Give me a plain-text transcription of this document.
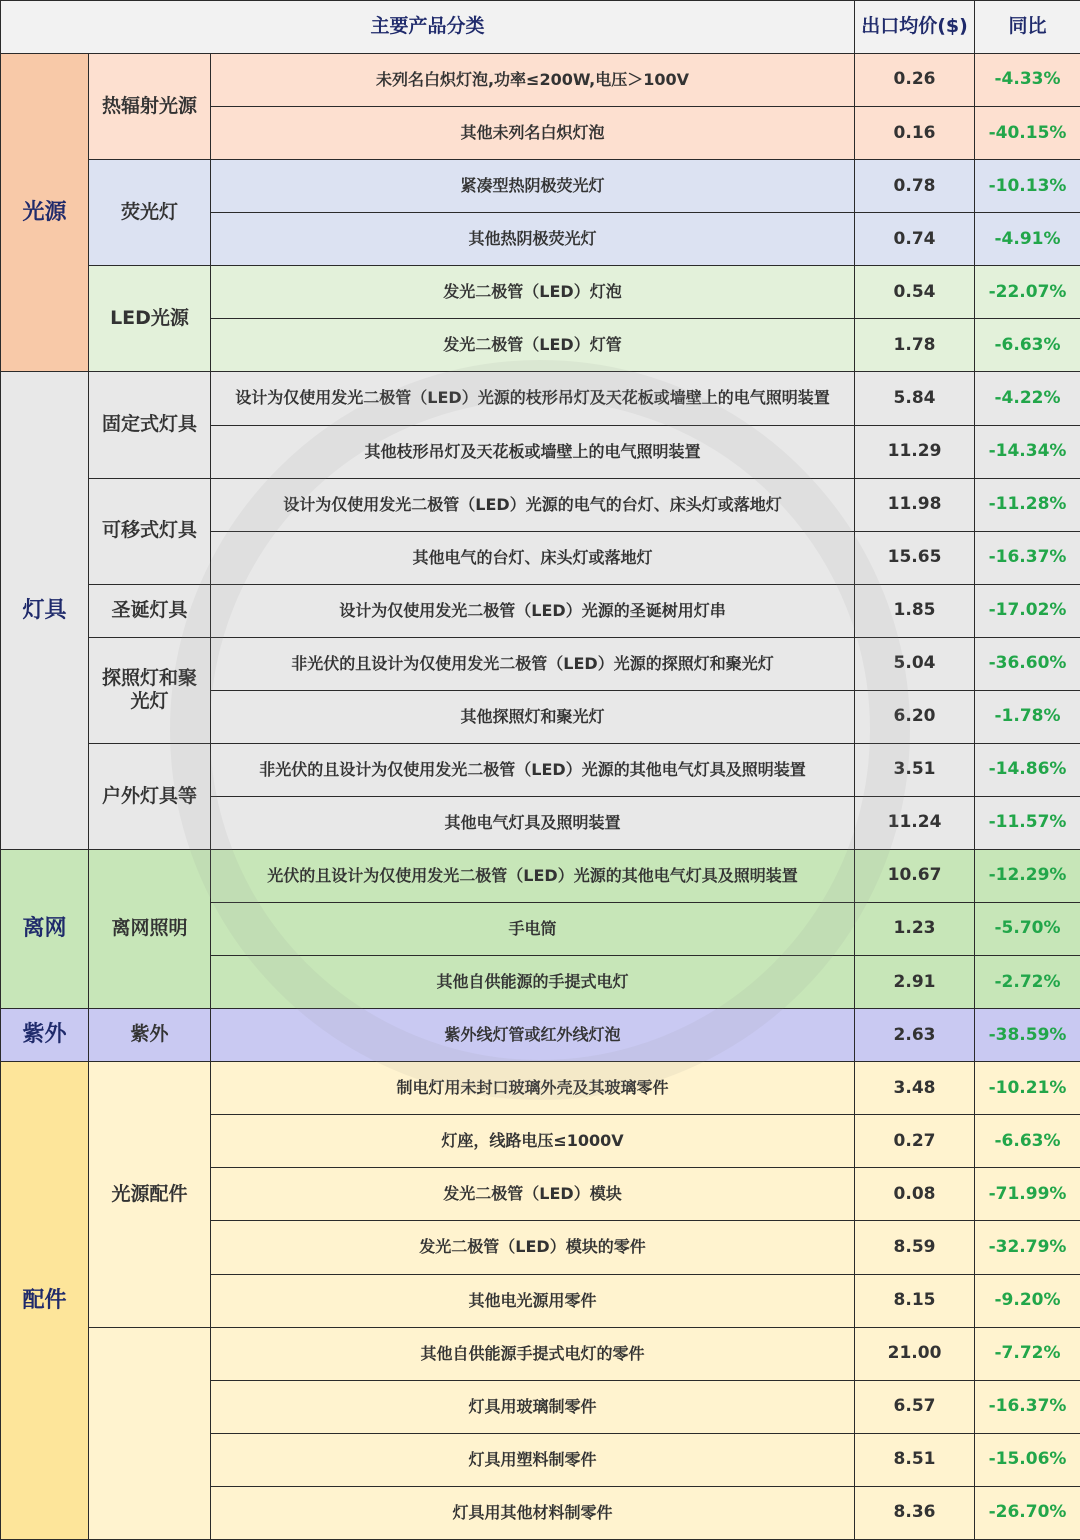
主要产品分类			出口均价($)	同比
光源	热辐射光源	未列名白炽灯泡,功率≤200W,电压＞100V	0.26	-4.33%
		其他未列名白炽灯泡	0.16	-40.15%
	荧光灯	紧凑型热阴极荧光灯	0.78	-10.13%
		其他热阴极荧光灯	0.74	-4.91%
	LED光源	发光二极管（LED）灯泡	0.54	-22.07%
		发光二极管（LED）灯管	1.78	-6.63%
灯具	固定式灯具	设计为仅使用发光二极管（LED）光源的枝形吊灯及天花板或墙壁上的电气照明装置	5.84	-4.22%
		其他枝形吊灯及天花板或墙壁上的电气照明装置	11.29	-14.34%
	可移式灯具	设计为仅使用发光二极管（LED）光源的电气的台灯、床头灯或落地灯	11.98	-11.28%
		其他电气的台灯、床头灯或落地灯	15.65	-16.37%
	圣诞灯具	设计为仅使用发光二极管（LED）光源的圣诞树用灯串	1.85	-17.02%
	探照灯和聚光灯	非光伏的且设计为仅使用发光二极管（LED）光源的探照灯和聚光灯	5.04	-36.60%
		其他探照灯和聚光灯	6.20	-1.78%
	户外灯具等	非光伏的且设计为仅使用发光二极管（LED）光源的其他电气灯具及照明装置	3.51	-14.86%
		其他电气灯具及照明装置	11.24	-11.57%
离网	离网照明	光伏的且设计为仅使用发光二极管（LED）光源的其他电气灯具及照明装置	10.67	-12.29%
		手电筒	1.23	-5.70%
		其他自供能源的手提式电灯	2.91	-2.72%
紫外	紫外	紫外线灯管或红外线灯泡	2.63	-38.59%
配件	光源配件	制电灯用未封口玻璃外壳及其玻璃零件	3.48	-10.21%
		灯座，线路电压≤1000V	0.27	-6.63%
		发光二极管（LED）模块	0.08	-71.99%
		发光二极管（LED）模块的零件	8.59	-32.79%
		其他电光源用零件	8.15	-9.20%
		其他自供能源手提式电灯的零件	21.00	-7.72%
		灯具用玻璃制零件	6.57	-16.37%
		灯具用塑料制零件	8.51	-15.06%
		灯具用其他材料制零件	8.36	-26.70%
